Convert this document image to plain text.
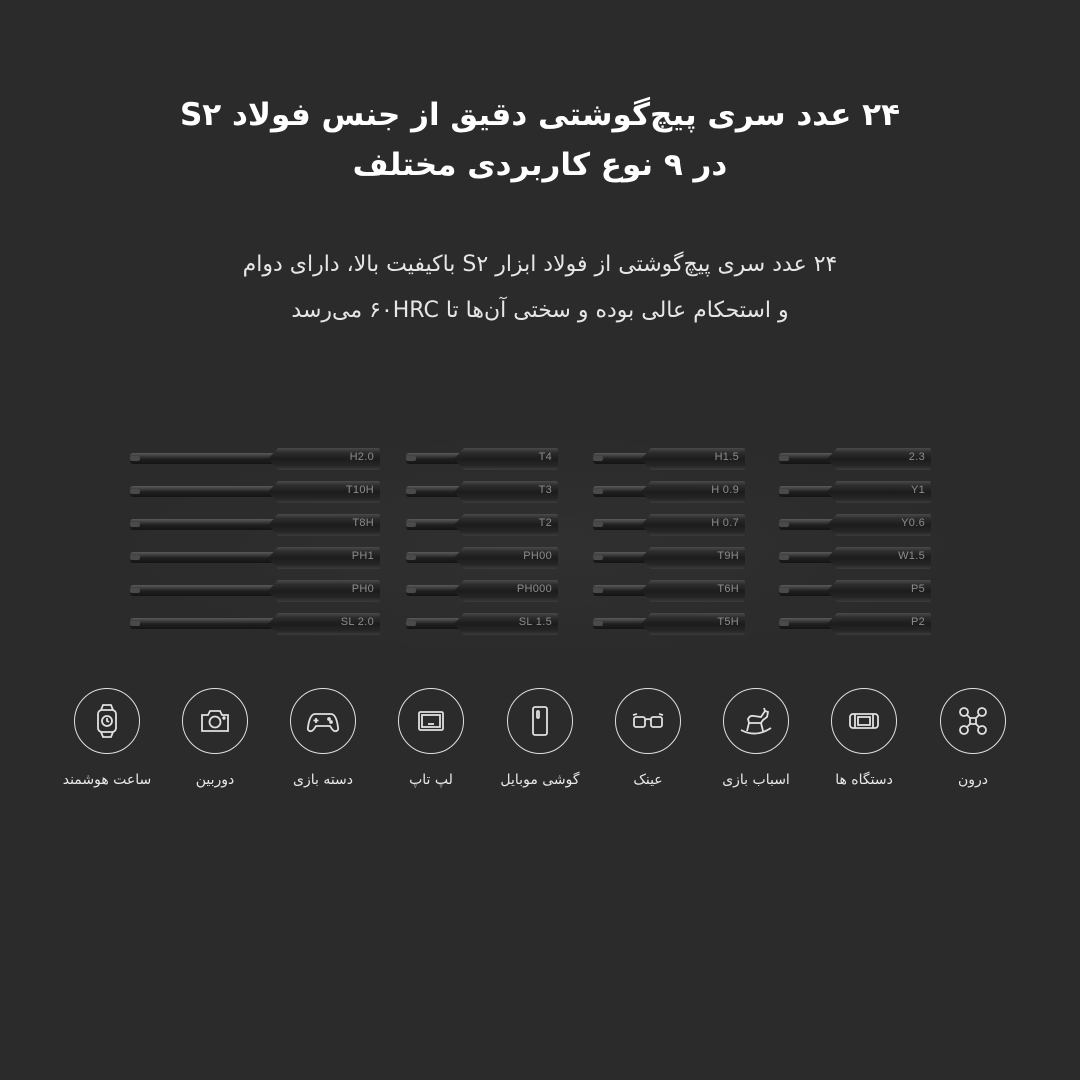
۲۴ عدد سری پیچ‌گوشتی دقیق از جنس فولاد S۲
در ۹ نوع کاربردی مختلف
۲۴ عدد سری پیچ‌گوشتی از فولاد ابزار S۲ باکیفیت بالا، دارای دوام
و استحکام عالی بوده و سختی آن‌ها تا ۶۰HRC می‌رسد
H2.0
T10H
T8H
PH1
PH0
SL 2.0
T4
T3
T2
PH00
PH000
SL 1.5
H1.5
H 0.9
H 0.7
T9H
T6H
T5H
2.3
Y1
Y0.6
W1.5
P5
P2
ساعت هوشمند	دوربین	دسته بازی	لپ تاپ	گوشی موبایل	عینک	اسباب بازی	دستگاه ها	درون
